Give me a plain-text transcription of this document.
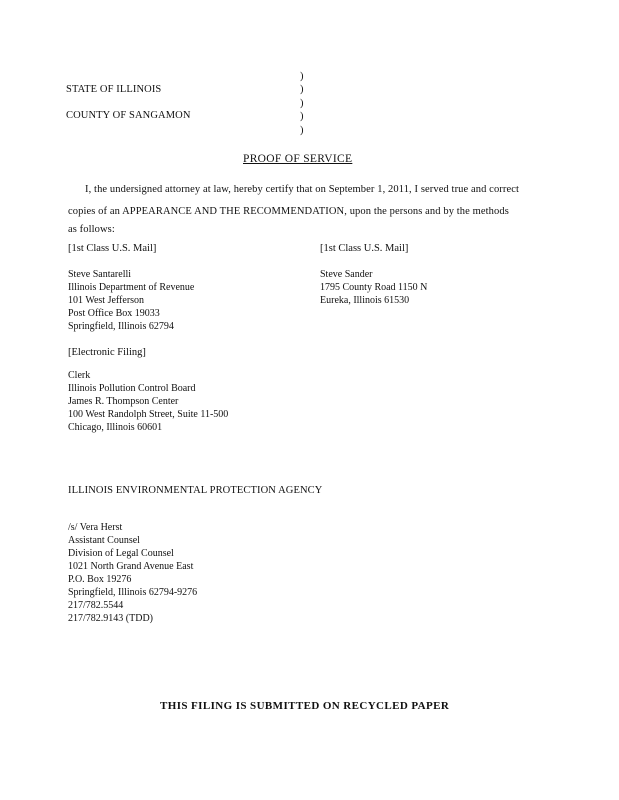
STATE OF ILLINOIS
COUNTY OF SANGAMON
)
)
)
)
)
PROOF OF SERVICE
I, the undersigned attorney at law, hereby certify that on September 1, 2011, I served true and correct
copies of an APPEARANCE AND THE RECOMMENDATION, upon the persons and by the methods
as follows:
[1st Class U.S. Mail]	[1st Class U.S. Mail]
Steve Santarelli
Illinois Department of Revenue
101 West Jefferson
Post Office Box 19033
Springfield, Illinois 62794
Steve Sander
1795 County Road 1150 N
Eureka, Illinois 61530
[Electronic Filing]
Clerk
Illinois Pollution Control Board
James R. Thompson Center
100 West Randolph Street, Suite 11-500
Chicago, Illinois 60601
ILLINOIS ENVIRONMENTAL PROTECTION AGENCY
/s/ Vera Herst
Assistant Counsel
Division of Legal Counsel
1021 North Grand Avenue East
P.O. Box 19276
Springfield, Illinois 62794-9276
217/782.5544
217/782.9143 (TDD)
THIS FILING IS SUBMITTED ON RECYCLED PAPER
